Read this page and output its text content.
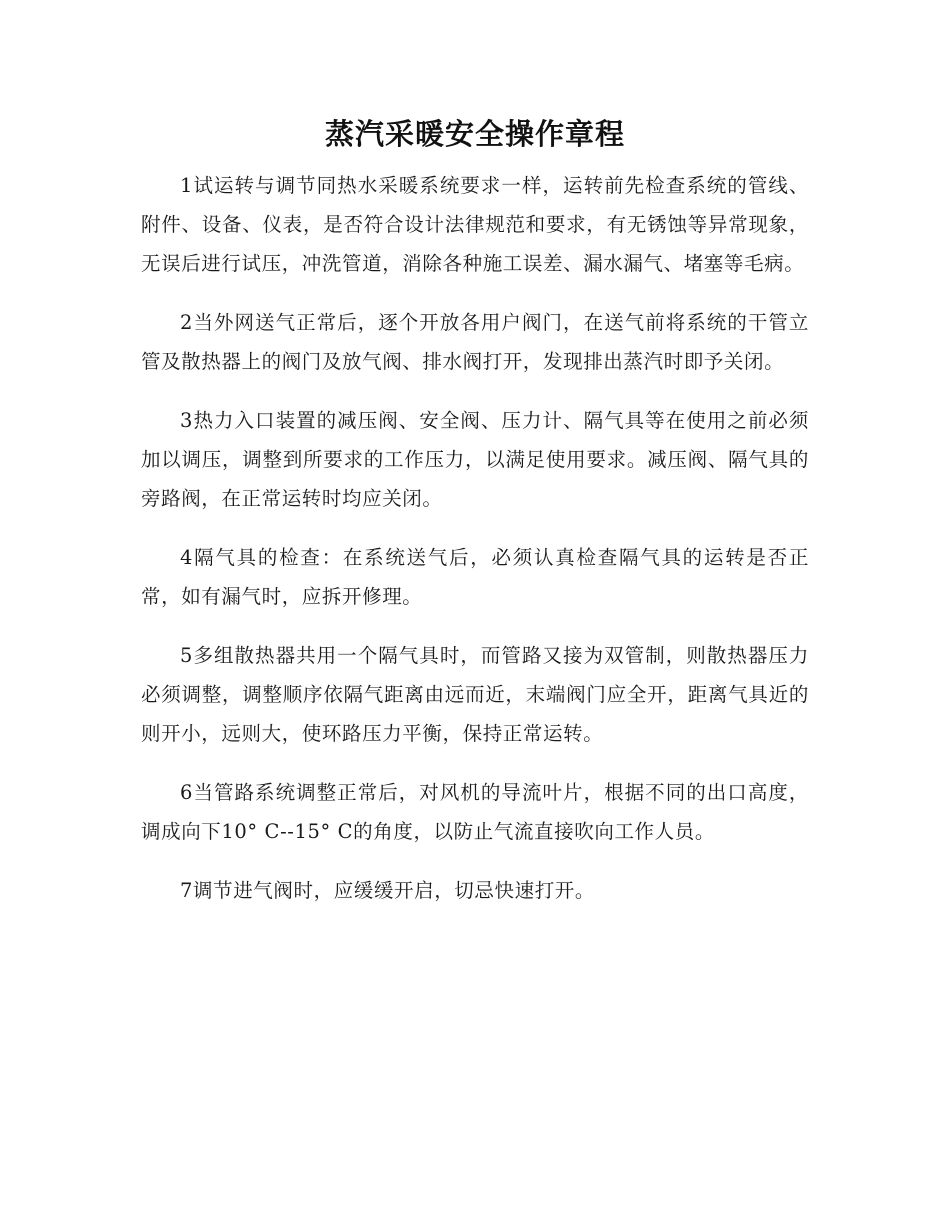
蒸汽采暖安全操作章程

1试运转与调节同热水采暖系统要求一样，运转前先检查系统的管线、附件、设备、仪表，是否符合设计法律规范和要求，有无锈蚀等异常现象，无误后进行试压，冲洗管道，消除各种施工误差、漏水漏气、堵塞等毛病。

2当外网送气正常后，逐个开放各用户阀门，在送气前将系统的干管立管及散热器上的阀门及放气阀、排水阀打开，发现排出蒸汽时即予关闭。

3热力入口装置的减压阀、安全阀、压力计、隔气具等在使用之前必须加以调压，调整到所要求的工作压力，以满足使用要求。减压阀、隔气具的旁路阀，在正常运转时均应关闭。

4隔气具的检查：在系统送气后，必须认真检查隔气具的运转是否正常，如有漏气时，应拆开修理。

5多组散热器共用一个隔气具时，而管路又接为双管制，则散热器压力必须调整，调整顺序依隔气距离由远而近，末端阀门应全开，距离气具近的则开小，远则大，使环路压力平衡，保持正常运转。

6当管路系统调整正常后，对风机的导流叶片，根据不同的出口高度，调成向下10° C--15° C的角度，以防止气流直接吹向工作人员。

7调节进气阀时，应缓缓开启，切忌快速打开。
